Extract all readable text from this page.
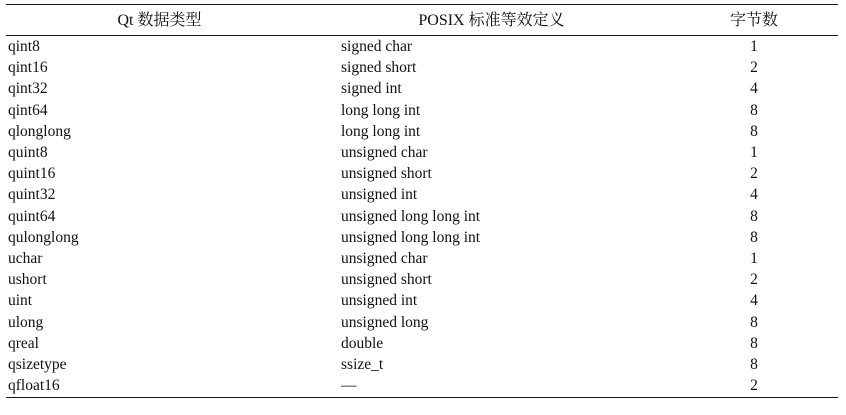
Qt 数据类型	POSIX 标准等效定义	字节数
qint8	signed char	1
qint16	signed short	2
qint32	signed int	4
qint64	long long int	8
qlonglong	long long int	8
quint8	unsigned char	1
quint16	unsigned short	2
quint32	unsigned int	4
quint64	unsigned long long int	8
qulonglong	unsigned long long int	8
uchar	unsigned char	1
ushort	unsigned short	2
uint	unsigned int	4
ulong	unsigned long	8
qreal	double	8
qsizetype	ssize_t	8
qfloat16	—	2
